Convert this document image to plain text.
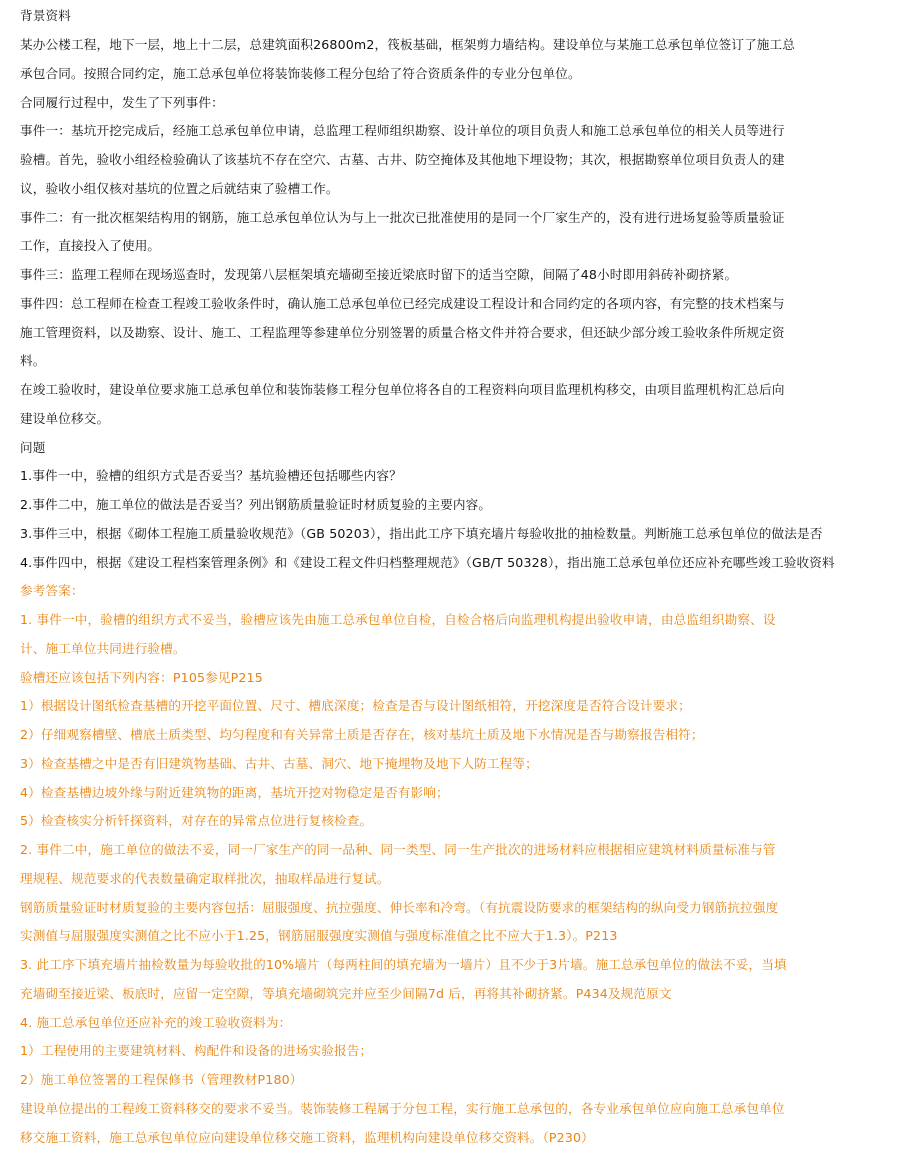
背景资料
某办公楼工程，地下一层，地上十二层，总建筑面积26800m2，筏板基础，框架剪力墙结构。建设单位与某施工总承包单位签订了施工总
承包合同。按照合同约定，施工总承包单位将装饰装修工程分包给了符合资质条件的专业分包单位。
合同履行过程中，发生了下列事件：
事件一：基坑开挖完成后，经施工总承包单位申请，总监理工程师组织勘察、设计单位的项目负责人和施工总承包单位的相关人员等进行
验槽。首先，验收小组经检验确认了该基坑不存在空穴、古墓、古井、防空掩体及其他地下埋设物；其次，根据勘察单位项目负责人的建
议，验收小组仅核对基坑的位置之后就结束了验槽工作。
事件二：有一批次框架结构用的钢筋，施工总承包单位认为与上一批次已批准使用的是同一个厂家生产的，没有进行进场复验等质量验证
工作，直接投入了使用。
事件三：监理工程师在现场巡查时，发现第八层框架填充墙砌至接近梁底时留下的适当空隙，间隔了48小时即用斜砖补砌挤紧。
事件四：总工程师在检查工程竣工验收条件时，确认施工总承包单位已经完成建设工程设计和合同约定的各项内容，有完整的技术档案与
施工管理资料，以及勘察、设计、施工、工程监理等参建单位分别签署的质量合格文件并符合要求，但还缺少部分竣工验收条件所规定资
料。
在竣工验收时，建设单位要求施工总承包单位和装饰装修工程分包单位将各自的工程资料向项目监理机构移交，由项目监理机构汇总后向
建设单位移交。
问题
1.事件一中，验槽的组织方式是否妥当？基坑验槽还包括哪些内容？
2.事件二中，施工单位的做法是否妥当？列出钢筋质量验证时材质复验的主要内容。
3.事件三中，根据《砌体工程施工质量验收规范》（GB 50203），指出此工序下填充墙片每验收批的抽检数量。判断施工总承包单位的做法是否
4.事件四中，根据《建设工程档案管理条例》和《建设工程文件归档整理规范》（GB/T 50328），指出施工总承包单位还应补充哪些竣工验收资料
参考答案：
1. 事件一中，验槽的组织方式不妥当，验槽应该先由施工总承包单位自检，自检合格后向监理机构提出验收申请，由总监组织勘察、设
计、施工单位共同进行验槽。
验槽还应该包括下列内容：P105参见P215
1）根据设计图纸检查基槽的开挖平面位置、尺寸、槽底深度；检查是否与设计图纸相符，开挖深度是否符合设计要求；
2）仔细观察槽壁、槽底土质类型、均匀程度和有关异常土质是否存在，核对基坑土质及地下水情况是否与勘察报告相符；
3）检查基槽之中是否有旧建筑物基础、古井、古墓、洞穴、地下掩埋物及地下人防工程等；
4）检查基槽边坡外缘与附近建筑物的距离，基坑开挖对物稳定是否有影响；
5）检查核实分析钎探资料，对存在的异常点位进行复核检查。
2. 事件二中，施工单位的做法不妥，同一厂家生产的同一品种、同一类型、同一生产批次的进场材料应根据相应建筑材料质量标准与管
理规程、规范要求的代表数量确定取样批次，抽取样品进行复试。
钢筋质量验证时材质复验的主要内容包括：屈服强度、抗拉强度、伸长率和冷弯。（有抗震设防要求的框架结构的纵向受力钢筋抗拉强度
实测值与屈服强度实测值之比不应小于1.25，钢筋屈服强度实测值与强度标准值之比不应大于1.3）。P213
3. 此工序下填充墙片抽检数量为每验收批的10%墙片（每两柱间的填充墙为一墙片）且不少于3片墙。施工总承包单位的做法不妥，当填
充墙砌至接近梁、板底时，应留一定空隙，等填充墙砌筑完并应至少间隔7d 后，再将其补砌挤紧。P434及规范原文
4. 施工总承包单位还应补充的竣工验收资料为：
1）工程使用的主要建筑材料、构配件和设备的进场实验报告；
2）施工单位签署的工程保修书（管理教材P180）
建设单位提出的工程竣工资料移交的要求不妥当。装饰装修工程属于分包工程，实行施工总承包的，各专业承包单位应向施工总承包单位
移交施工资料，施工总承包单位应向建设单位移交施工资料，监理机构向建设单位移交资料。（P230）
